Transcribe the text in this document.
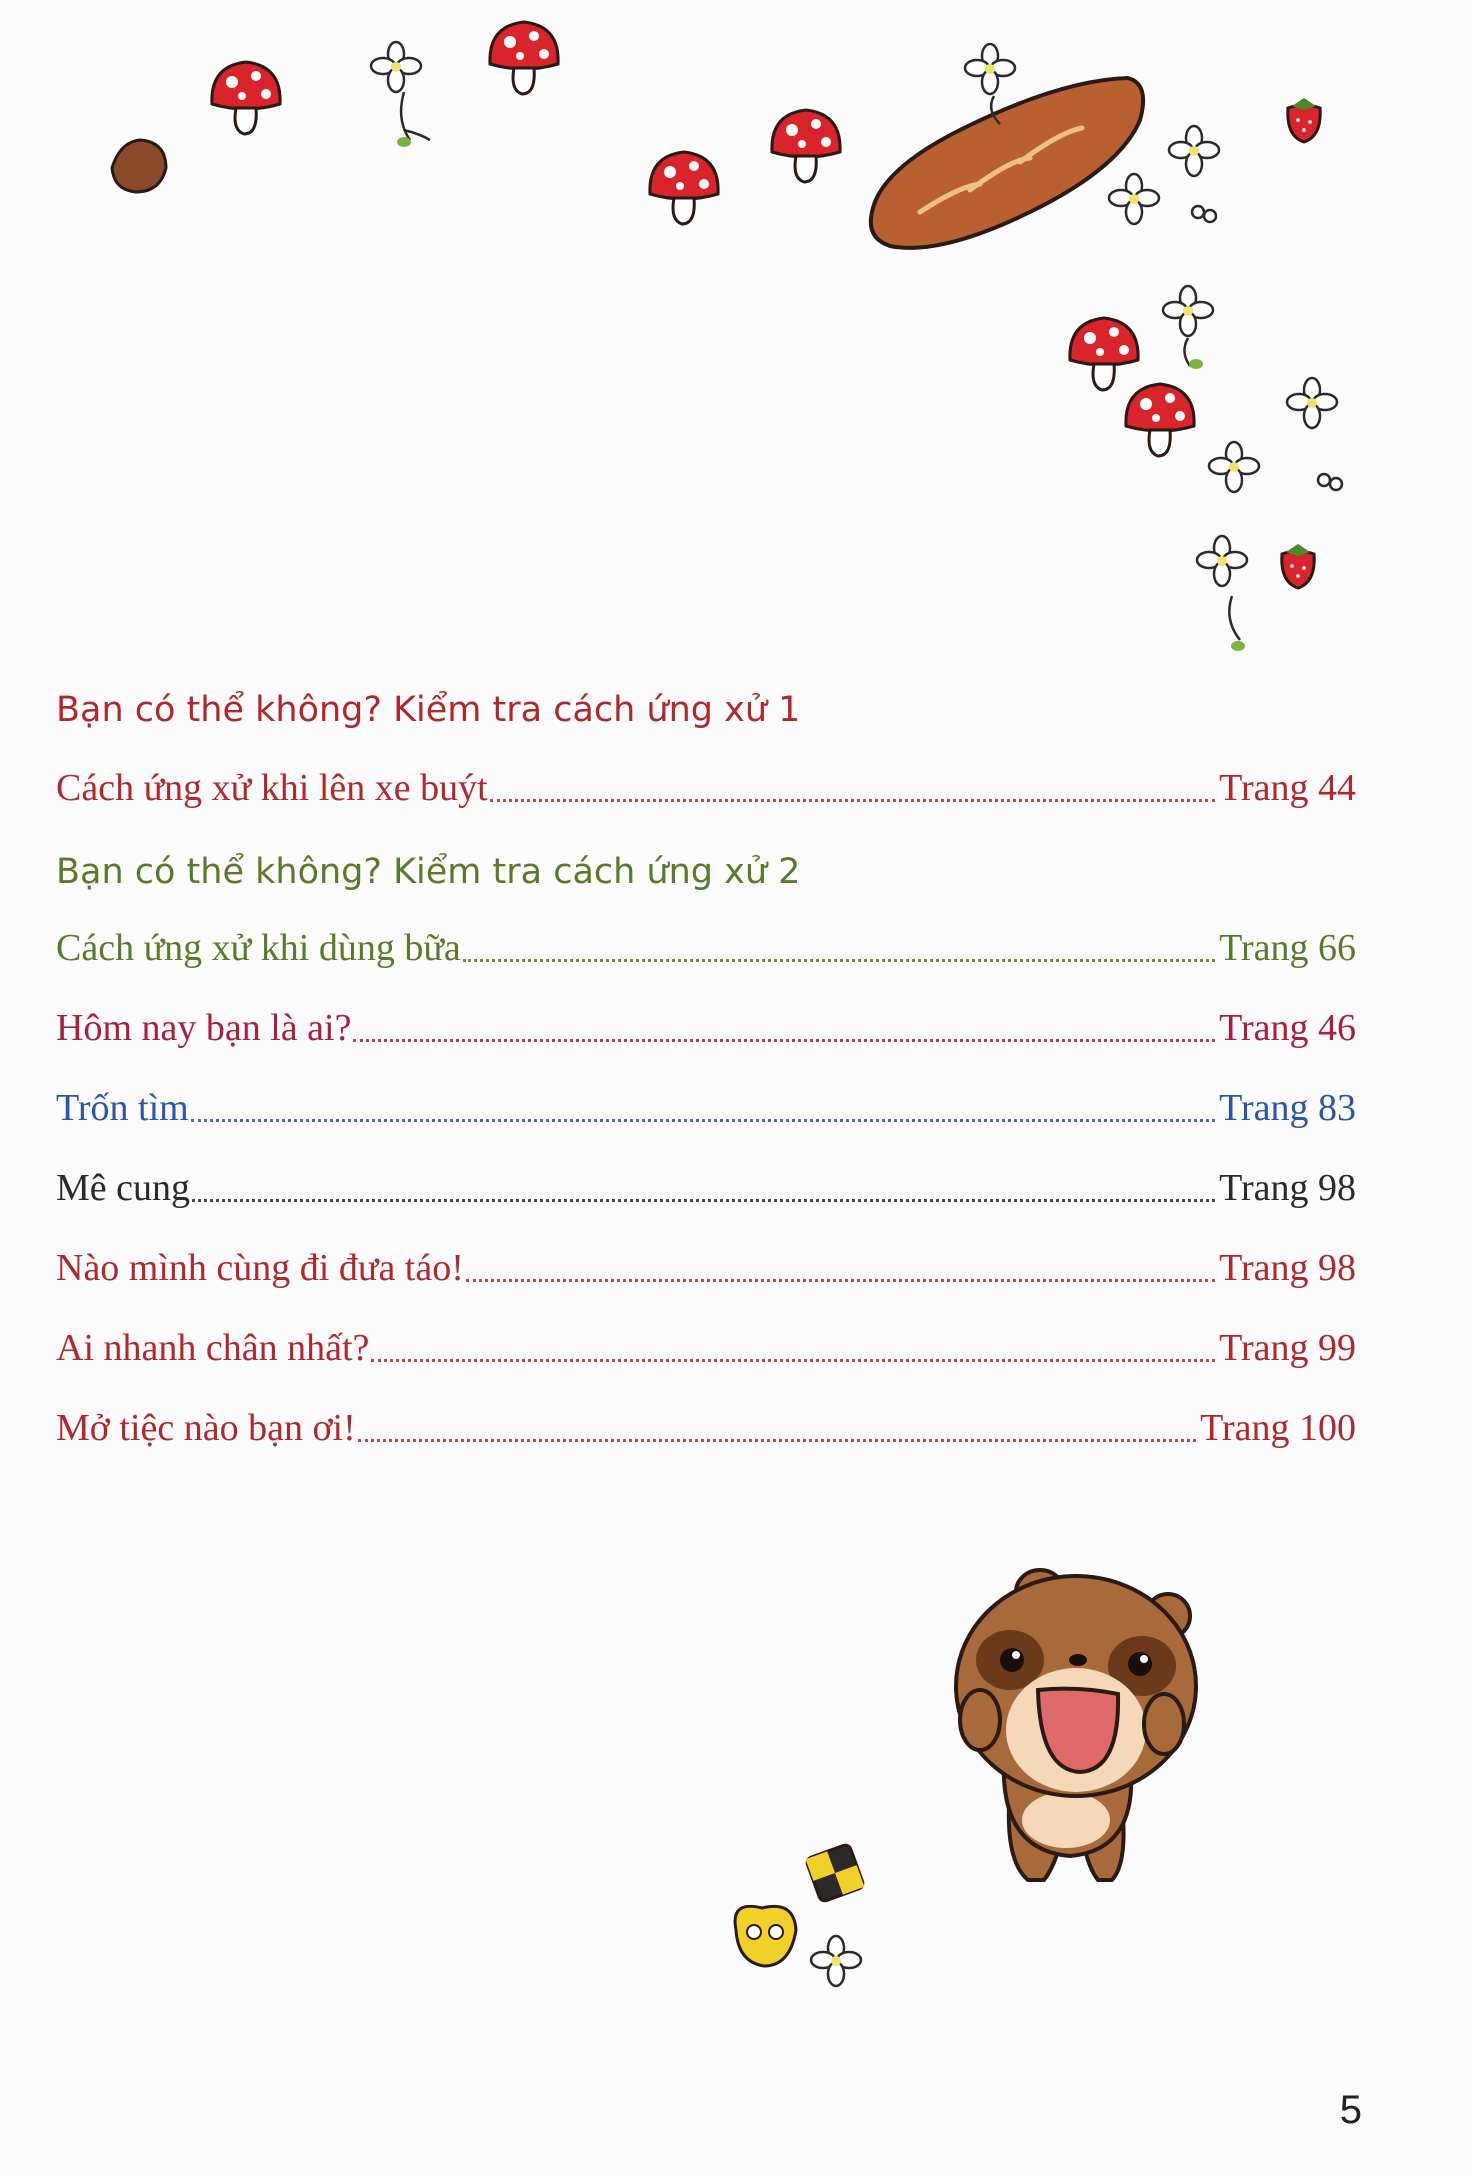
Bạn có thể không? Kiểm tra cách ứng xử 1
Cách ứng xử khi lên xe buýt	Trang 44
Bạn có thể không? Kiểm tra cách ứng xử 2
Cách ứng xử khi dùng bữa	Trang 66
Hôm nay bạn là ai?	Trang 46
Trốn tìm	Trang 83
Mê cung	Trang 98
Nào mình cùng đi đưa táo!	Trang 98
Ai nhanh chân nhất?	Trang 99
Mở tiệc nào bạn ơi!	Trang 100
5
